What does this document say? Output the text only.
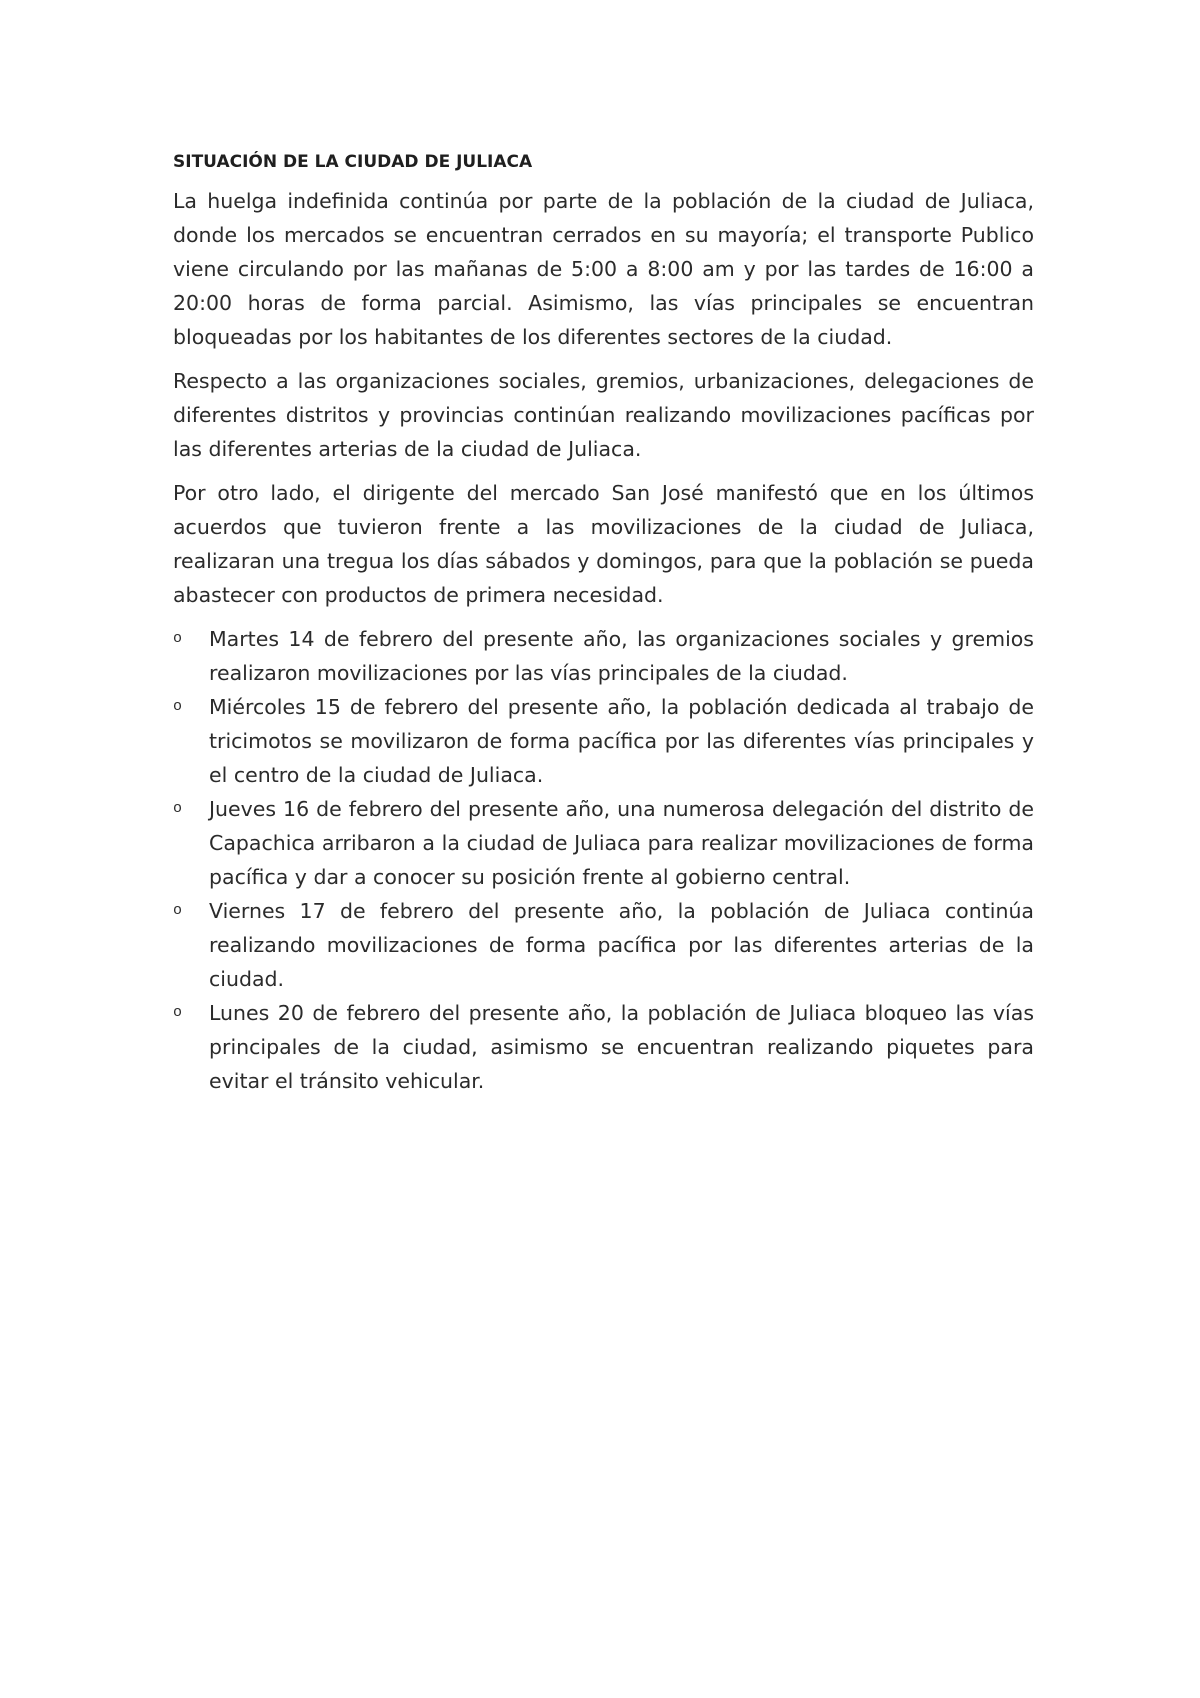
SITUACIÓN DE LA CIUDAD DE JULIACA

La huelga indefinida continúa por parte de la población de la ciudad de Juliaca, donde los mercados se encuentran cerrados en su mayoría; el transporte Publico viene circulando por las mañanas de 5:00 a 8:00 am y por las tardes de 16:00 a 20:00 horas de forma parcial. Asimismo, las vías principales se encuentran bloqueadas por los habitantes de los diferentes sectores de la ciudad.

Respecto a las organizaciones sociales, gremios, urbanizaciones, delegaciones de diferentes distritos y provincias continúan realizando movilizaciones pacíficas por las diferentes arterias de la ciudad de Juliaca.

Por otro lado, el dirigente del mercado San José manifestó que en los últimos acuerdos que tuvieron frente a las movilizaciones de la ciudad de Juliaca, realizaran una tregua los días sábados y domingos, para que la población se pueda abastecer con productos de primera necesidad.

o Martes 14 de febrero del presente año, las organizaciones sociales y gremios realizaron movilizaciones por las vías principales de la ciudad.
o Miércoles 15 de febrero del presente año, la población dedicada al trabajo de tricimotos se movilizaron de forma pacífica por las diferentes vías principales y el centro de la ciudad de Juliaca.
o Jueves 16 de febrero del presente año, una numerosa delegación del distrito de Capachica arribaron a la ciudad de Juliaca para realizar movilizaciones de forma pacífica y dar a conocer su posición frente al gobierno central.
o Viernes 17 de febrero del presente año, la población de Juliaca continúa realizando movilizaciones de forma pacífica por las diferentes arterias de la ciudad.
o Lunes 20 de febrero del presente año, la población de Juliaca bloqueo las vías principales de la ciudad, asimismo se encuentran realizando piquetes para evitar el tránsito vehicular.
